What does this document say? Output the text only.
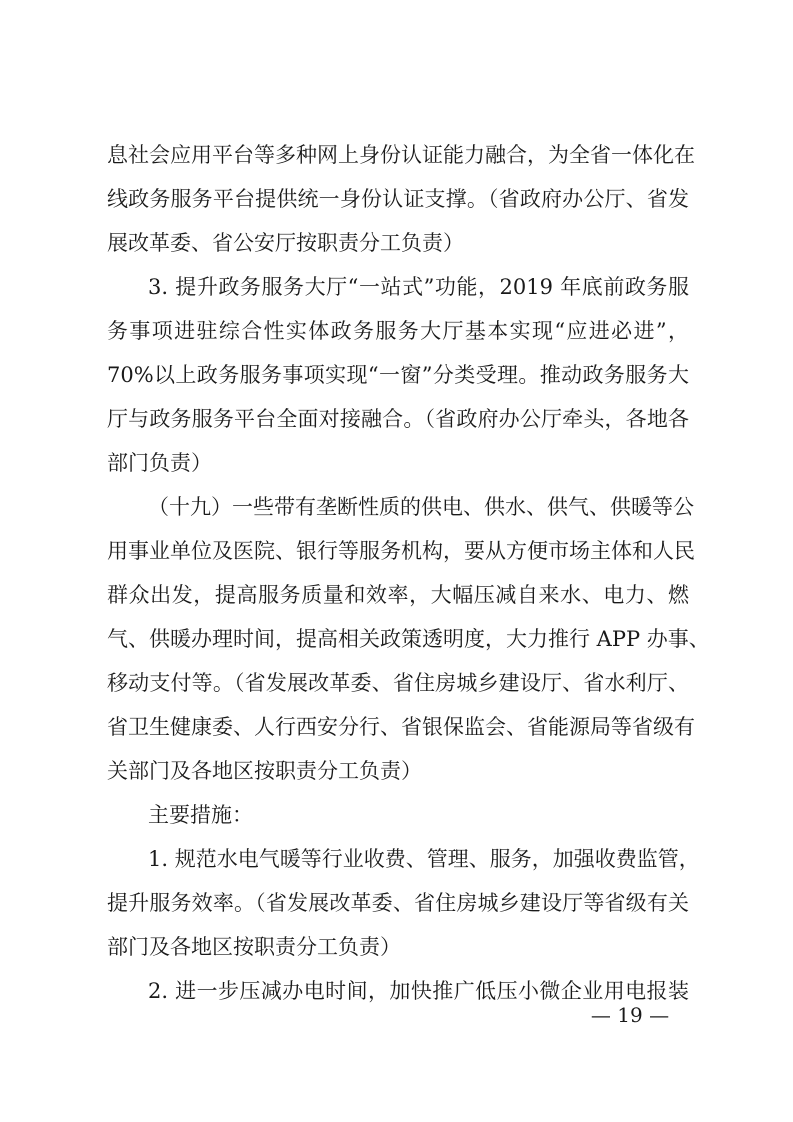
息社会应用平台等多种网上身份认证能力融合，为全省一体化在
线政务服务平台提供统一身份认证支撑。（省政府办公厅、省发
展改革委、省公安厅按职责分工负责）
3. 提升政务服务大厅“一站式”功能，2019 年底前政务服
务事项进驻综合性实体政务服务大厅基本实现“应进必进”，
70%以上政务服务事项实现“一窗”分类受理。推动政务服务大
厅与政务服务平台全面对接融合。（省政府办公厅牵头，各地各
部门负责）
（十九）一些带有垄断性质的供电、供水、供气、供暖等公
用事业单位及医院、银行等服务机构，要从方便市场主体和人民
群众出发，提高服务质量和效率，大幅压减自来水、电力、燃
气、供暖办理时间，提高相关政策透明度，大力推行 APP 办事、
移动支付等。（省发展改革委、省住房城乡建设厅、省水利厅、
省卫生健康委、人行西安分行、省银保监会、省能源局等省级有
关部门及各地区按职责分工负责）
主要措施：
1. 规范水电气暖等行业收费、管理、服务，加强收费监管，
提升服务效率。（省发展改革委、省住房城乡建设厅等省级有关
部门及各地区按职责分工负责）
2. 进一步压减办电时间，加快推广低压小微企业用电报装
— 19 —
